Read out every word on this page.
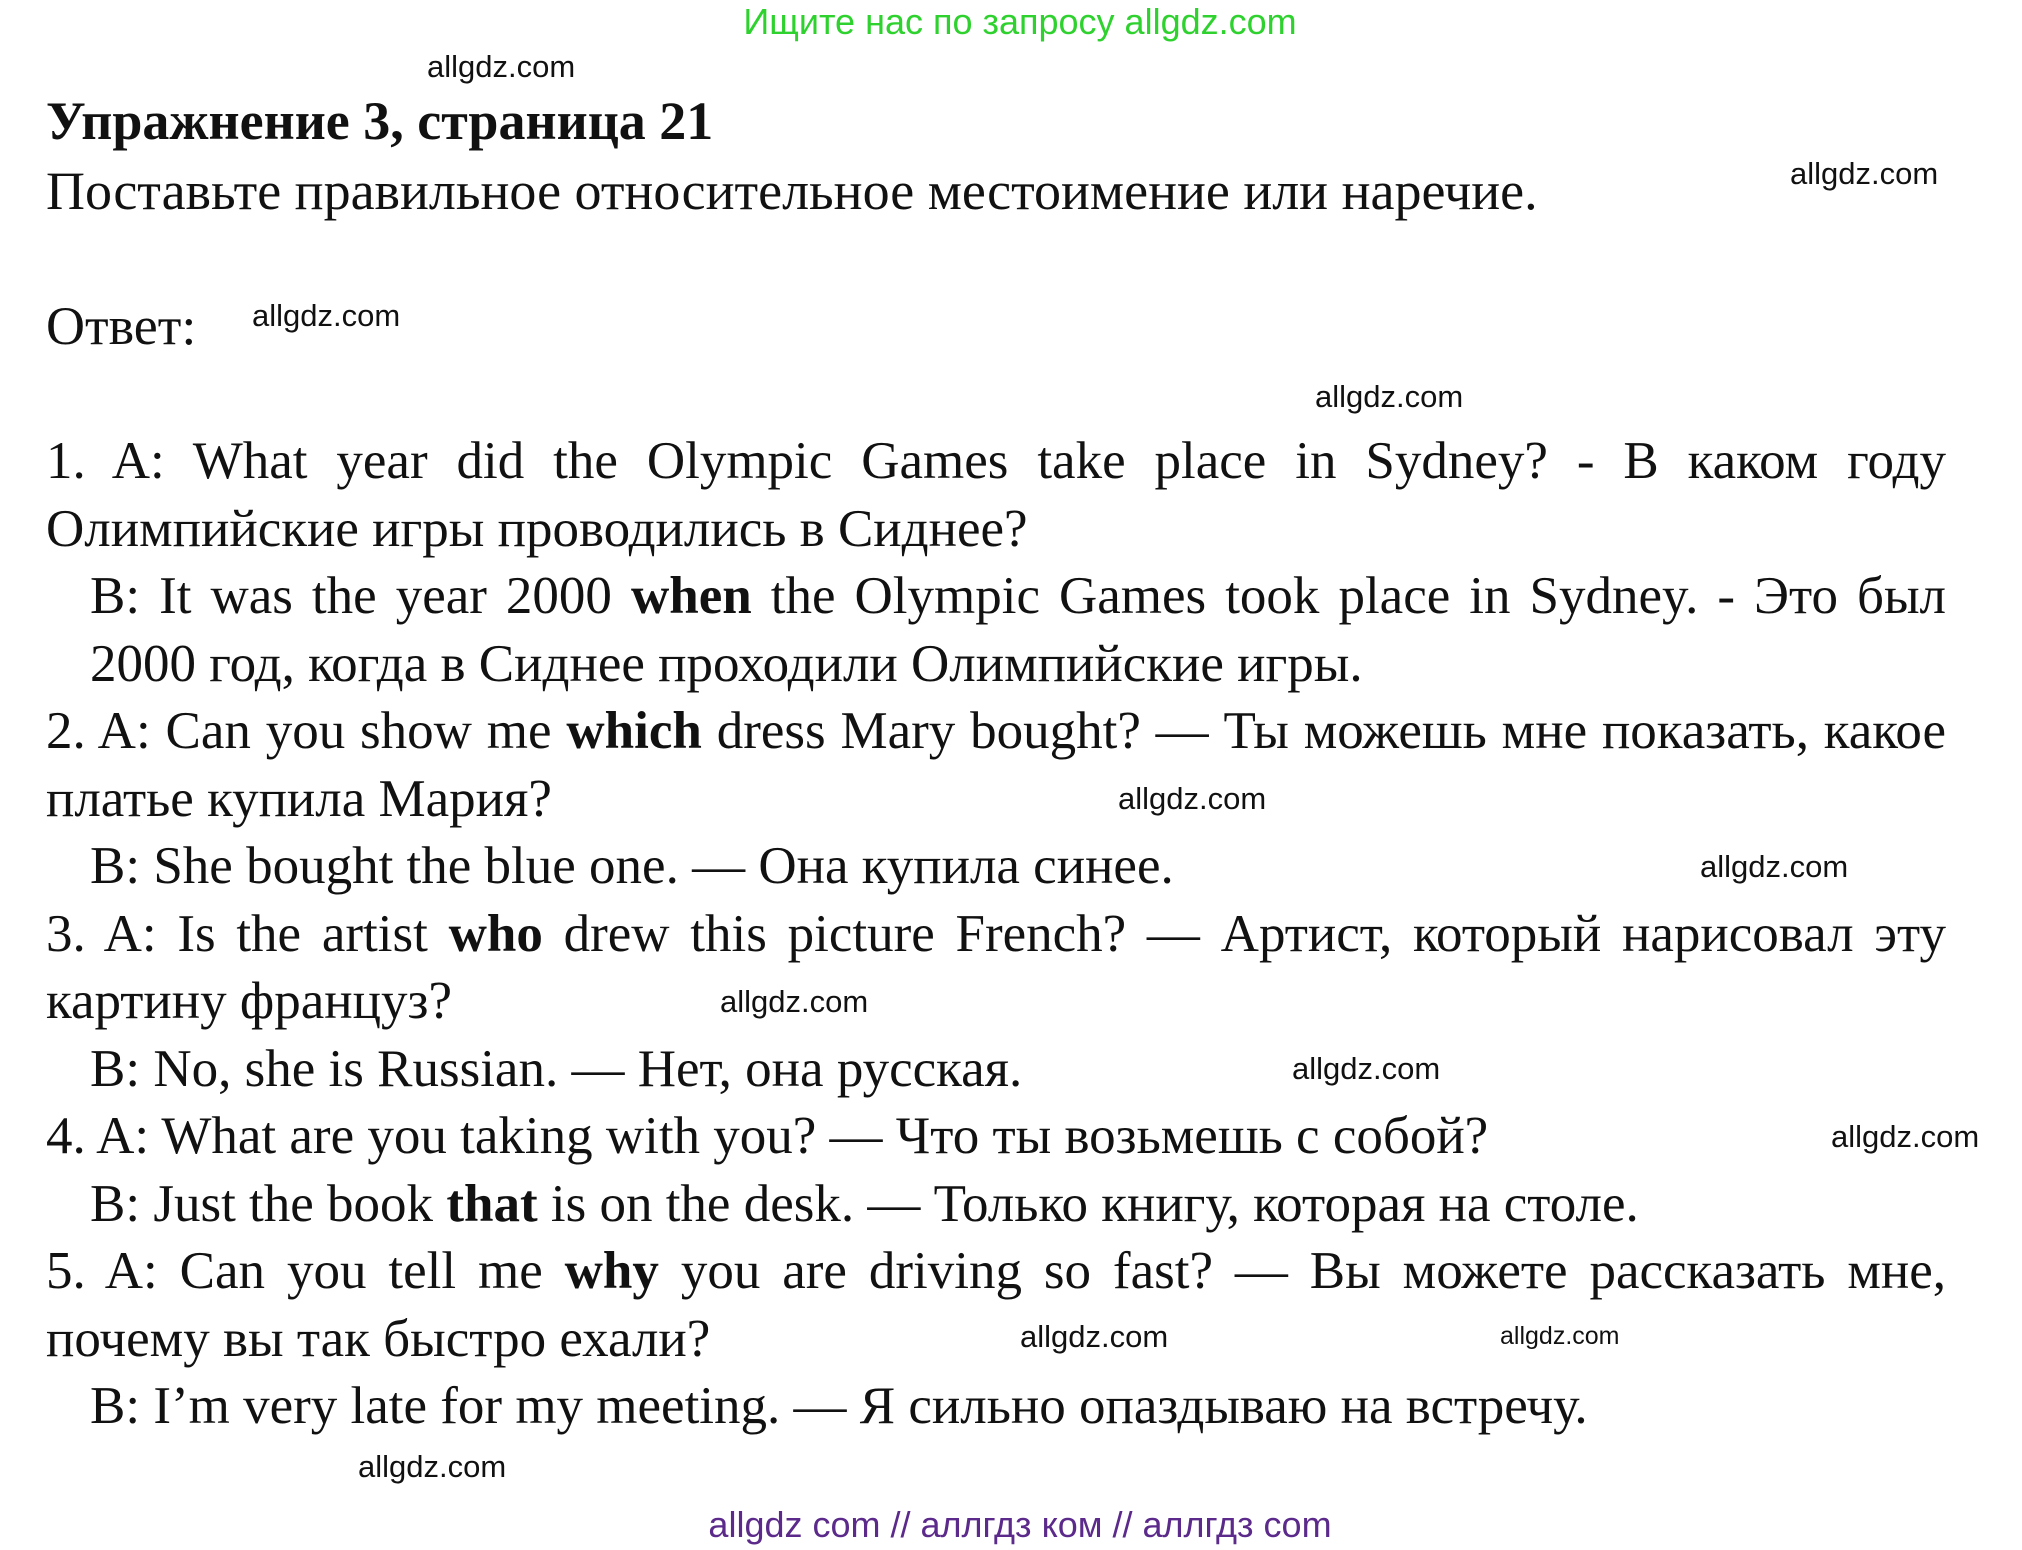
Ищите нас по запросу allgdz.com
Упражнение 3, страница 21
Поставьте правильное относительное местоимение или наречие.
Ответ:
1. A: What year did the Olympic Games take place in Sydney? - В каком году Олимпийские игры проводились в Сиднее?
B: It was the year 2000 when the Olympic Games took place in Sydney. - Это был 2000 год, когда в Сиднее проходили Олимпийские игры.
2. A: Can you show me which dress Mary bought? — Ты можешь мне показать, какое платье купила Мария?
B: She bought the blue one. — Она купила синее.
3. A: Is the artist who drew this picture French? — Артист, который нарисовал эту картину француз?
B: No, she is Russian. — Нет, она русская.
4. A: What are you taking with you? — Что ты возьмешь с собой?
B: Just the book that is on the desk. — Только книгу, которая на столе.
5. A: Can you tell me why you are driving so fast? — Вы можете рассказать мне, почему вы так быстро ехали?
B: I’m very late for my meeting. — Я сильно опаздываю на встречу.
allgdz.com
allgdz.com
allgdz.com
allgdz.com
allgdz.com
allgdz.com
allgdz.com
allgdz.com
allgdz.com
allgdz.com
allgdz.com
allgdz.com
allgdz com // аллгдз ком // аллгдз com
